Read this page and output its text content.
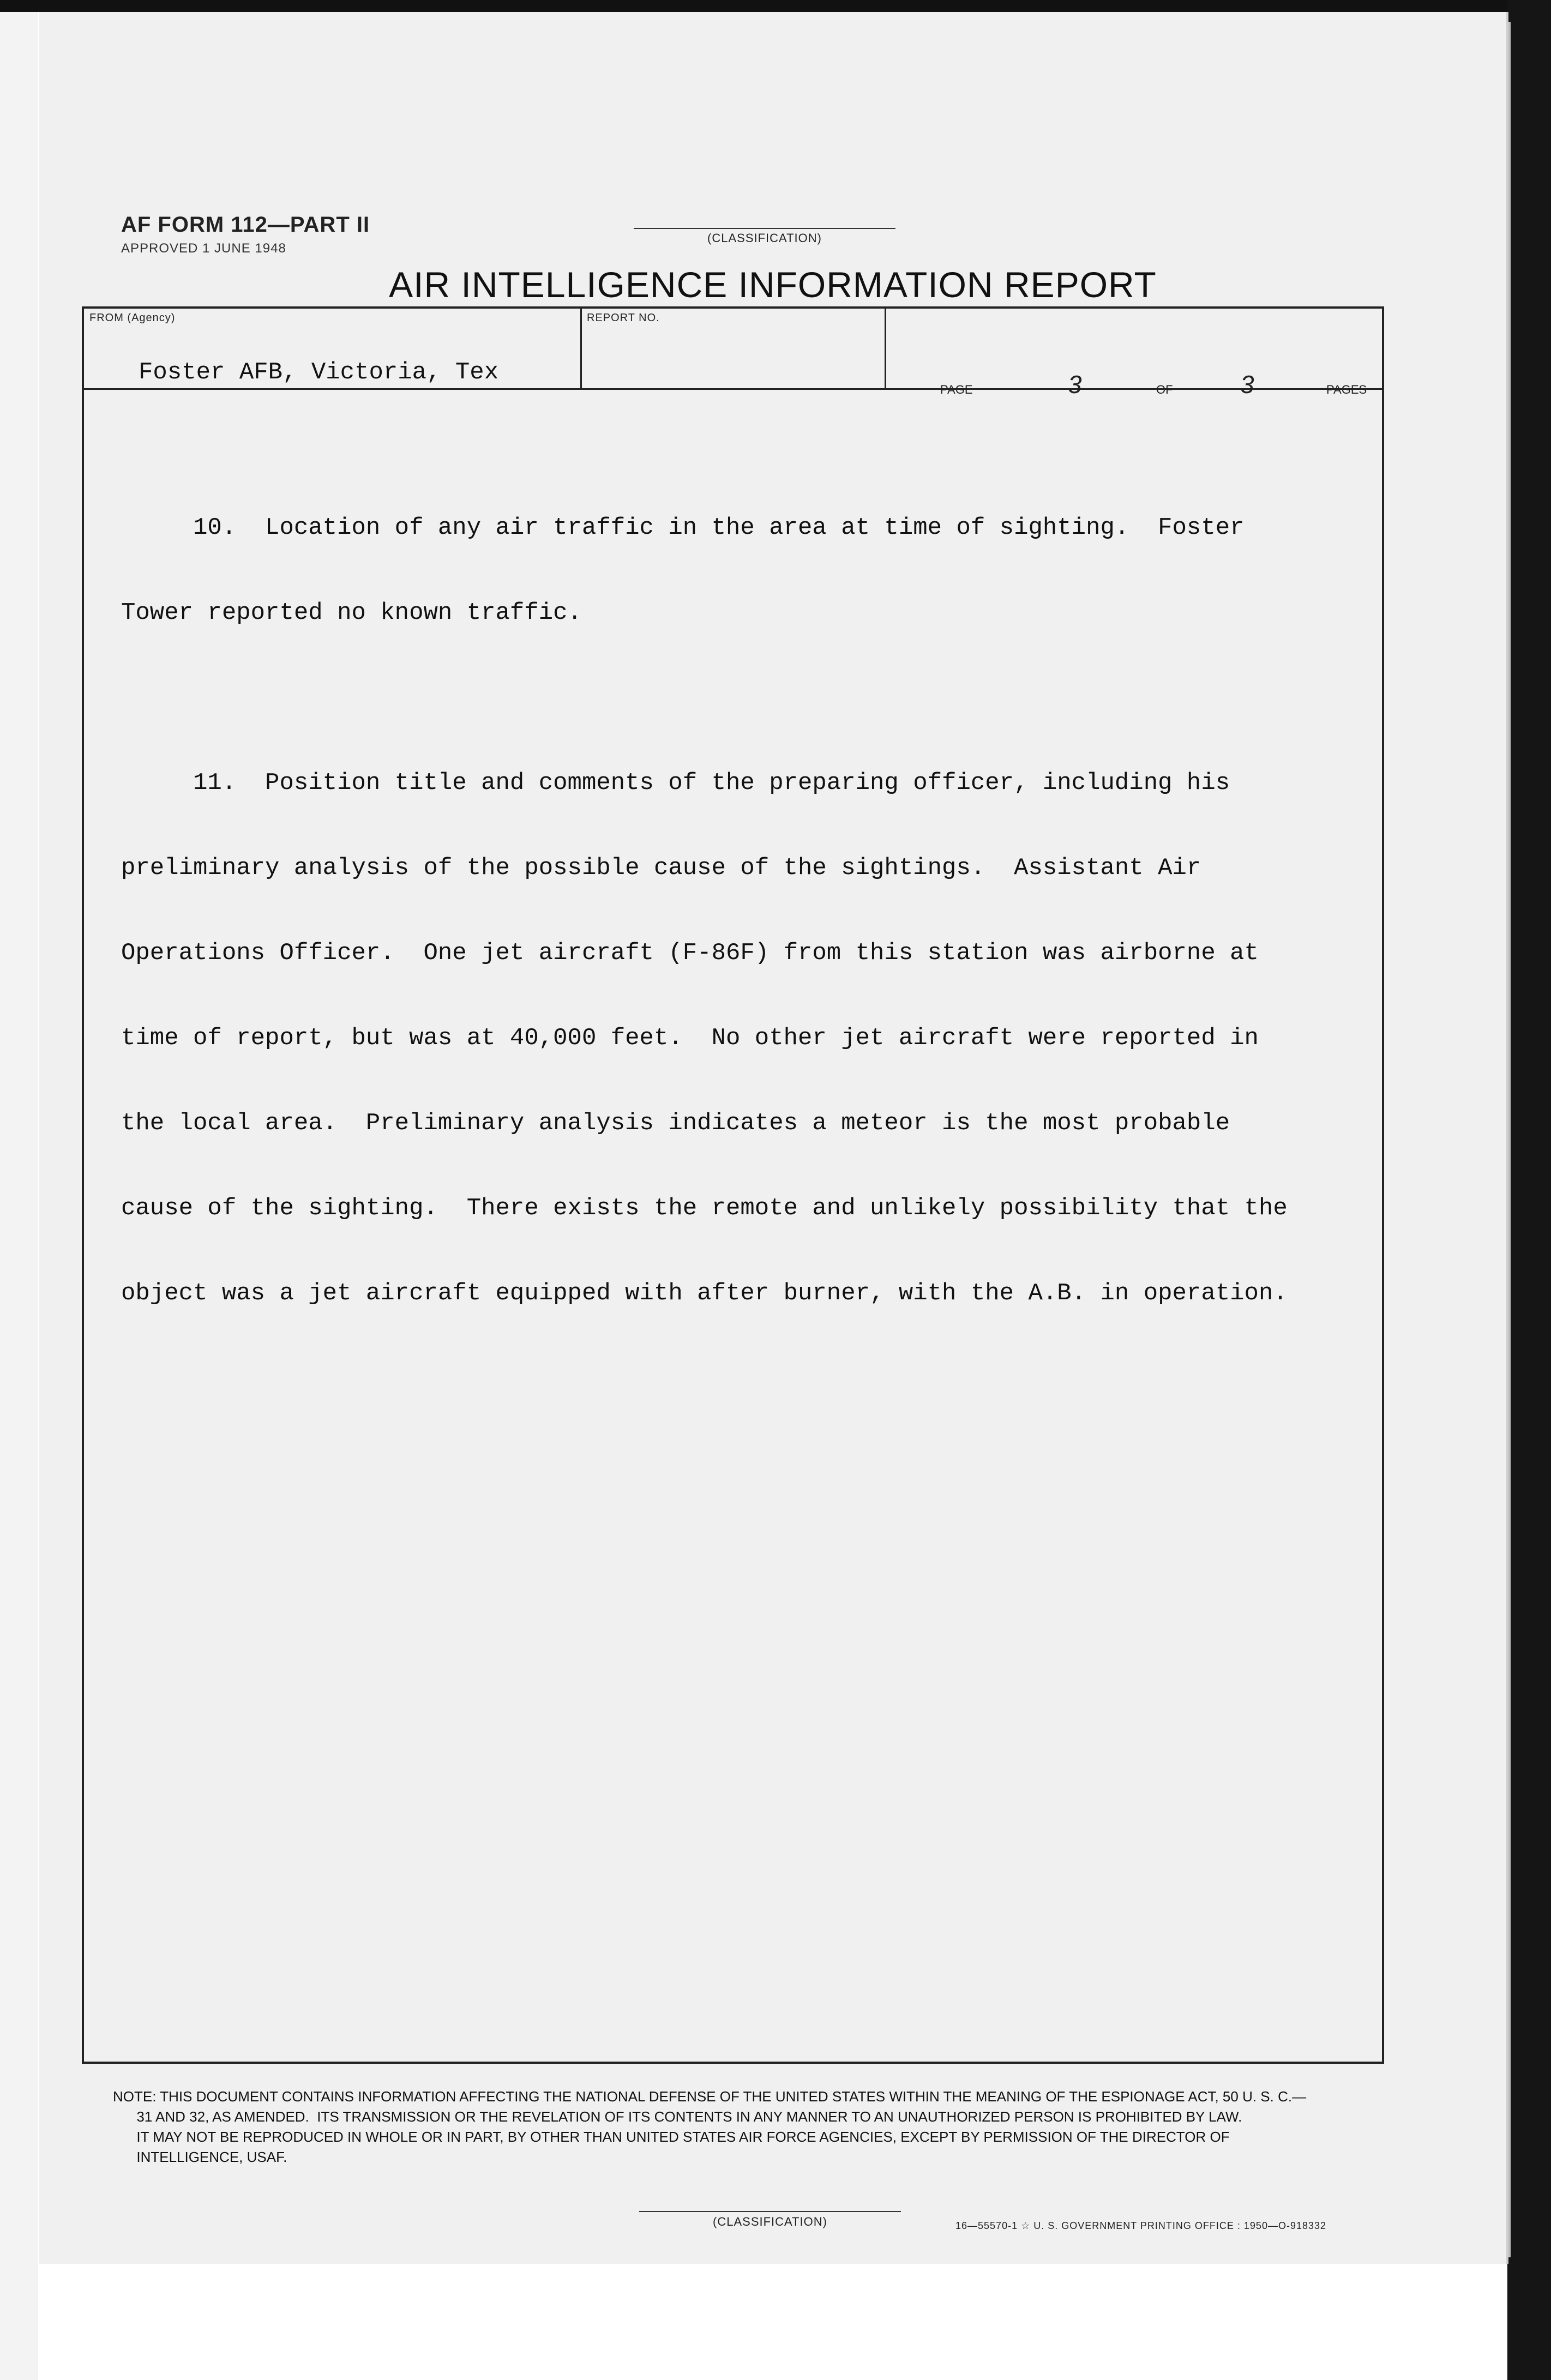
AF FORM 112—PART II
APPROVED 1 JUNE 1948
(CLASSIFICATION)
AIR INTELLIGENCE INFORMATION REPORT
FROM (Agency)
Foster AFB, Victoria, Tex
REPORT NO.
PAGE	3	OF	3	PAGES

10.  Location of any air traffic in the area at time of sighting.  Foster

Tower reported no known traffic.

11.  Position title and comments of the preparing officer, including his

preliminary analysis of the possible cause of the sightings.  Assistant Air

Operations Officer.  One jet aircraft (F-86F) from this station was airborne at

time of report, but was at 40,000 feet.  No other jet aircraft were reported in

the local area.  Preliminary analysis indicates a meteor is the most probable

cause of the sighting.  There exists the remote and unlikely possibility that the

object was a jet aircraft equipped with after burner, with the A.B. in operation.

NOTE: THIS DOCUMENT CONTAINS INFORMATION AFFECTING THE NATIONAL DEFENSE OF THE UNITED STATES WITHIN THE MEANING OF THE ESPIONAGE ACT, 50 U. S. C.—
31 AND 32, AS AMENDED.  ITS TRANSMISSION OR THE REVELATION OF ITS CONTENTS IN ANY MANNER TO AN UNAUTHORIZED PERSON IS PROHIBITED BY LAW.
IT MAY NOT BE REPRODUCED IN WHOLE OR IN PART, BY OTHER THAN UNITED STATES AIR FORCE AGENCIES, EXCEPT BY PERMISSION OF THE DIRECTOR OF
INTELLIGENCE, USAF.
(CLASSIFICATION)	16—55570-1 ☆ U. S. GOVERNMENT PRINTING OFFICE : 1950—O-918332
